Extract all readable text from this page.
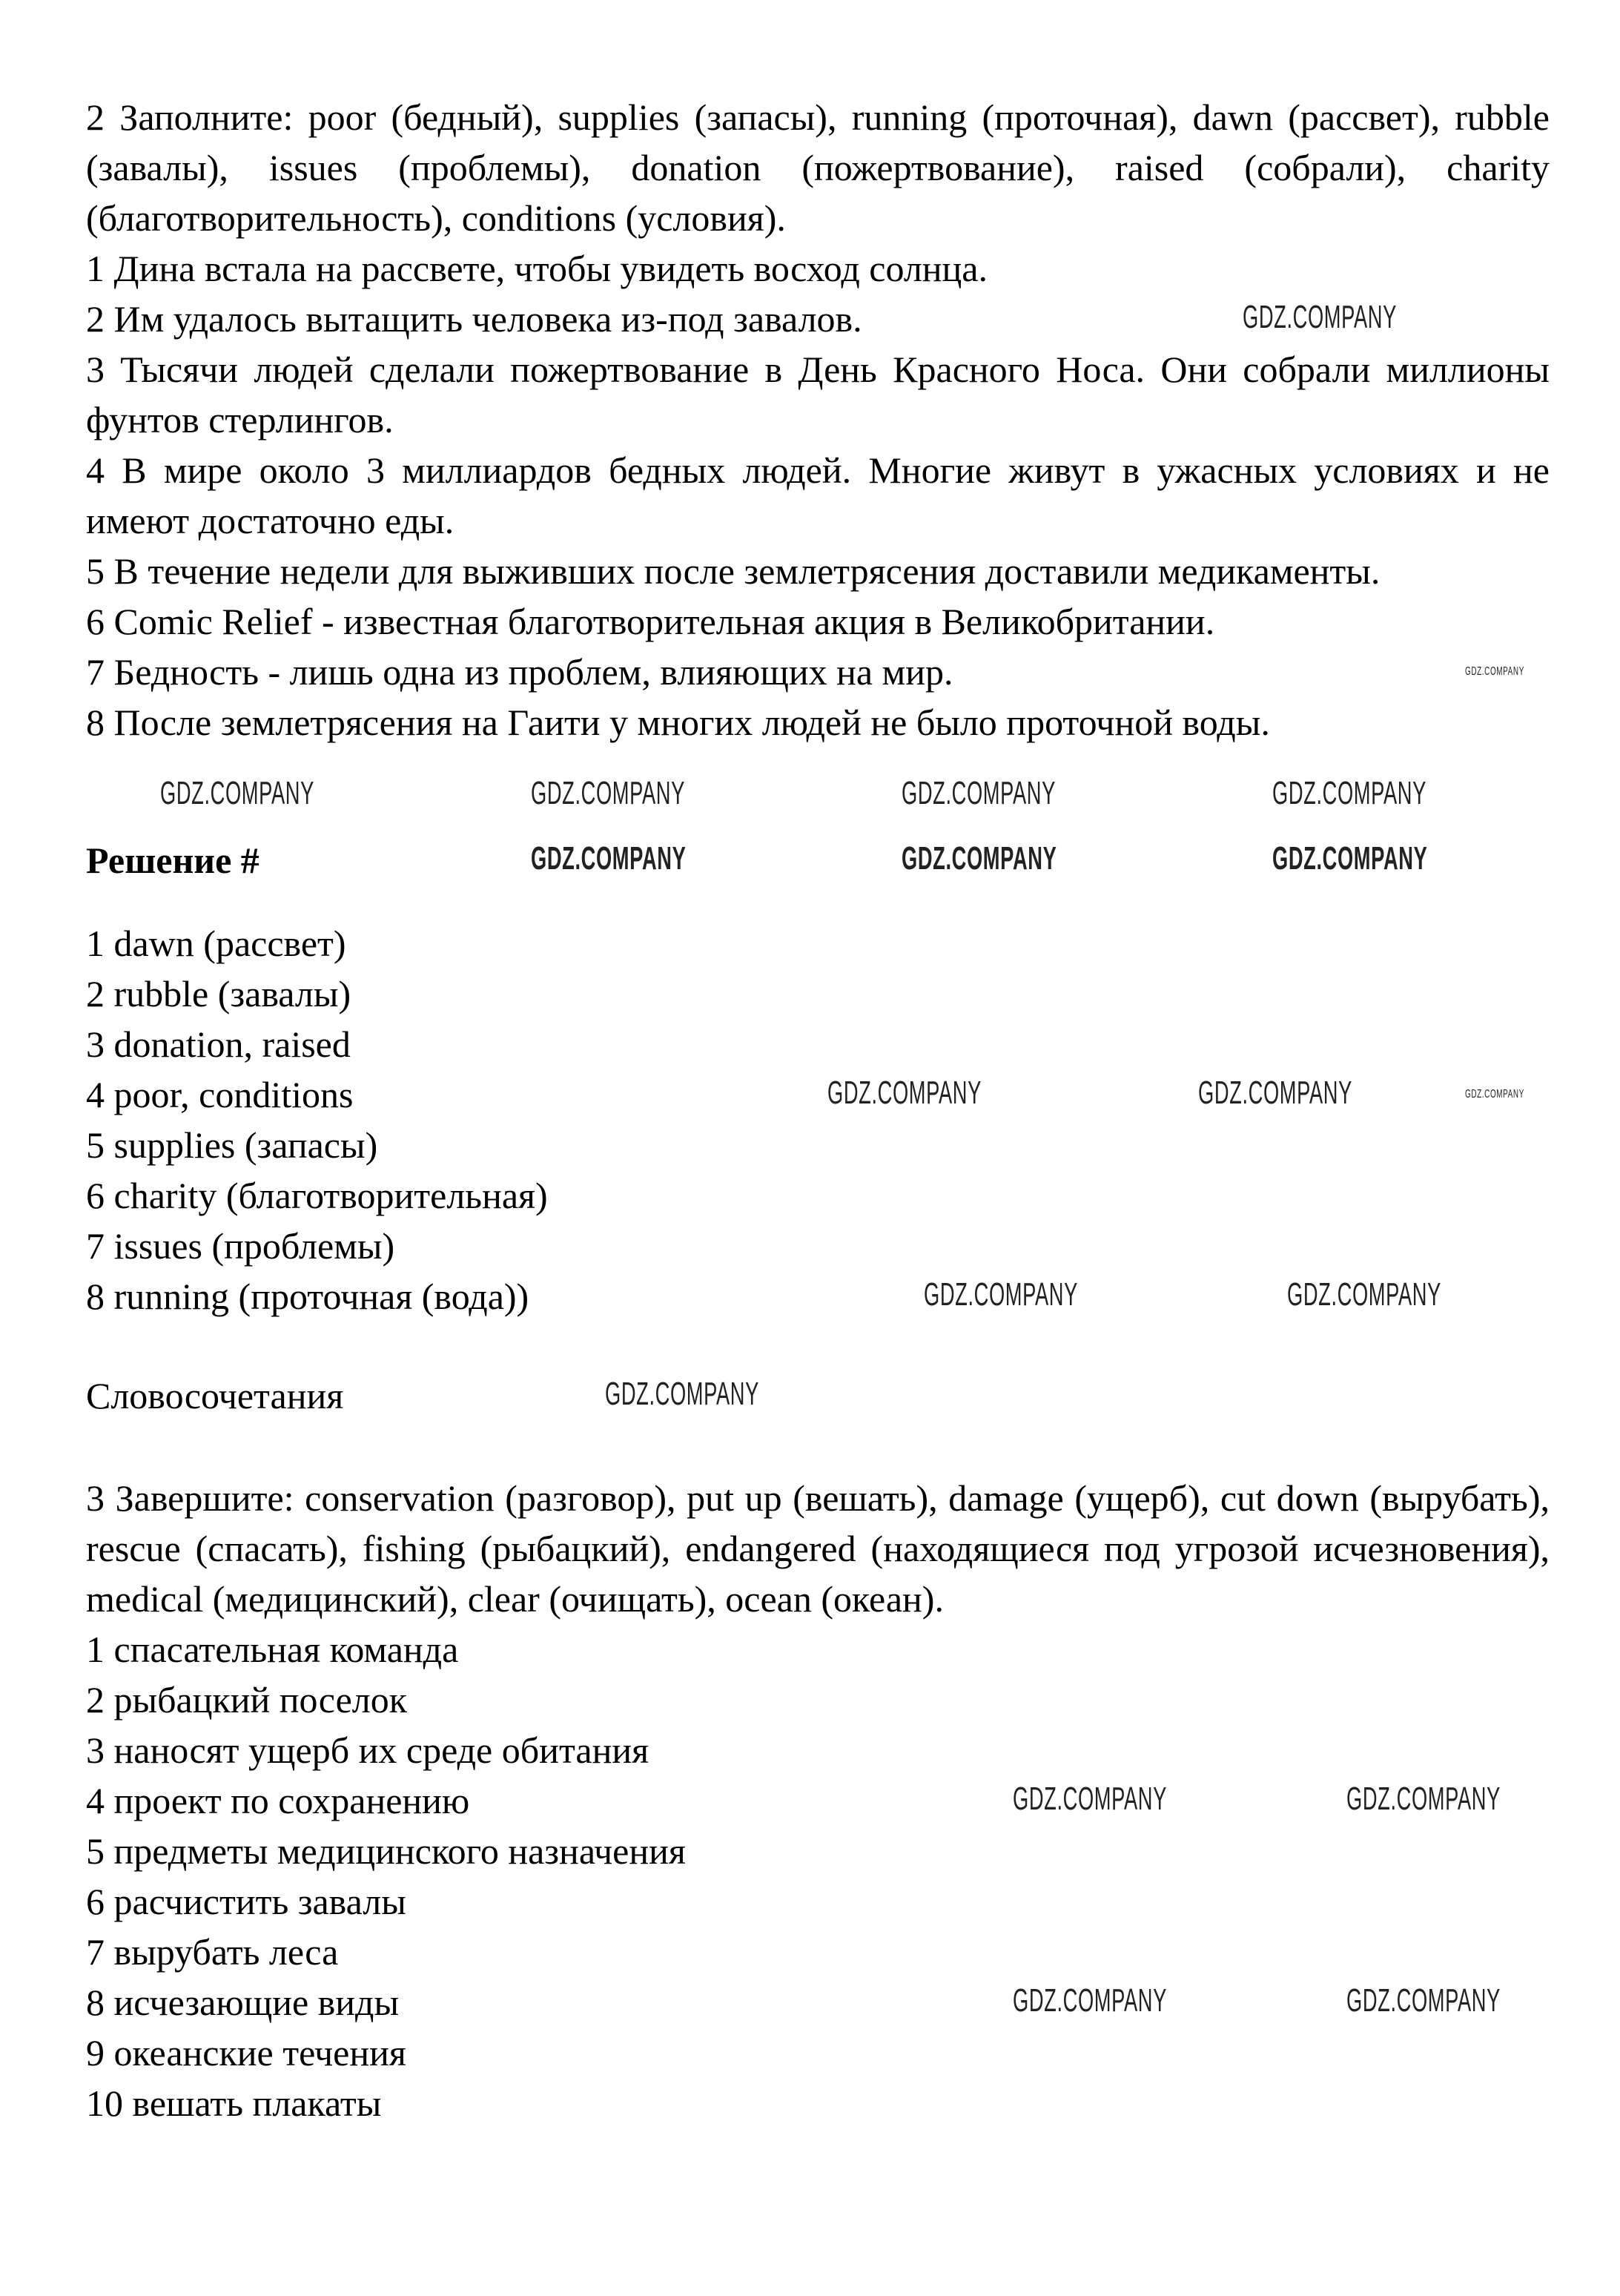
2 Заполните: poor (бедный), supplies (запасы), running (проточная), dawn (рассвет), rubble (завалы), issues (проблемы), donation (пожертвование), raised (собрали), charity (благотворительность), conditions (условия).

1 Дина встала на рассвете, чтобы увидеть восход солнца.

2 Им удалось вытащить человека из-под завалов.	GDZ.COMPANY

3 Тысячи людей сделали пожертвование в День Красного Носа. Они собрали миллионы фунтов стерлингов.

4 В мире около 3 миллиардов бедных людей. Многие живут в ужасных условиях и не имеют достаточно еды.

5 В течение недели для выживших после землетрясения доставили медикаменты.

6 Comic Relief - известная благотворительная акция в Великобритании.

7 Бедность - лишь одна из проблем, влияющих на мир.	GDZ.COMPANY

8 После землетрясения на Гаити у многих людей не было проточной воды.

GDZ.COMPANY	GDZ.COMPANY	GDZ.COMPANY	GDZ.COMPANY

Решение #	GDZ.COMPANY	GDZ.COMPANY	GDZ.COMPANY

1 dawn (рассвет)

2 rubble (завалы)

3 donation, raised

4 poor, conditions	GDZ.COMPANY	GDZ.COMPANY	GDZ.COMPANY

5 supplies (запасы)

6 charity (благотворительная)

7 issues (проблемы)

8 running (проточная (вода))	GDZ.COMPANY	GDZ.COMPANY

Словосочетания	GDZ.COMPANY

3 Завершите: conservation (разговор), put up (вешать), damage (ущерб), cut down (вырубать), rescue (спасать), fishing (рыбацкий), endangered (находящиеся под угрозой исчезновения), medical (медицинский), clear (очищать), ocean (океан).

1 спасательная команда

2 рыбацкий поселок

3 наносят ущерб их среде обитания

4 проект по сохранению	GDZ.COMPANY	GDZ.COMPANY

5 предметы медицинского назначения

6 расчистить завалы

7 вырубать леса

8 исчезающие виды	GDZ.COMPANY	GDZ.COMPANY

9 океанские течения

10 вешать плакаты
